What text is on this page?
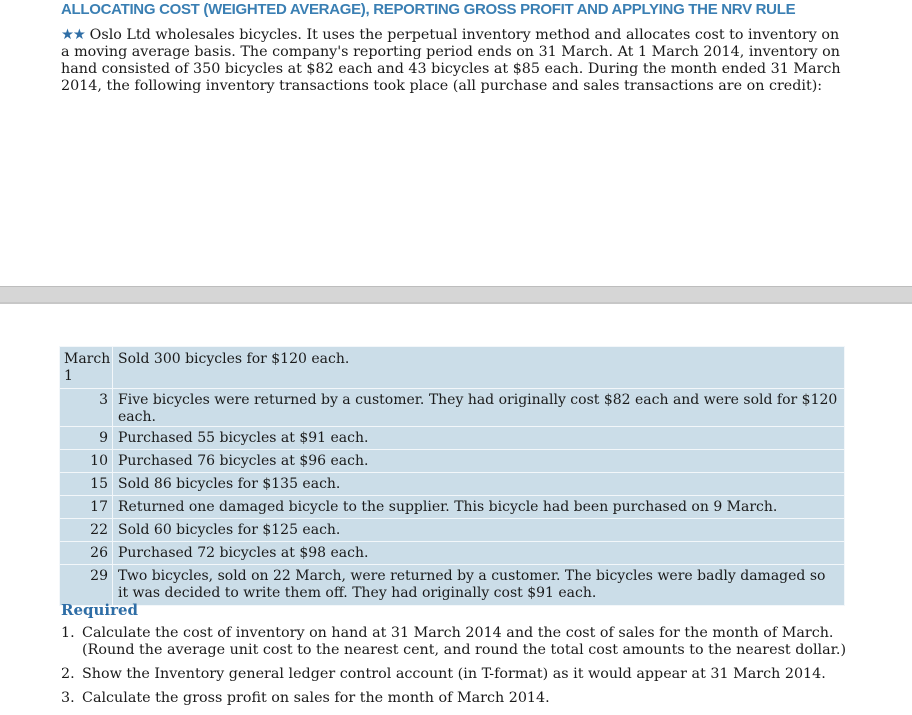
ALLOCATING COST (WEIGHTED AVERAGE), REPORTING GROSS PROFIT AND APPLYING THE NRV RULE
★★ Oslo Ltd wholesales bicycles. It uses the perpetual inventory method and allocates cost to inventory on a moving average basis. The company's reporting period ends on 31 March. At 1 March 2014, inventory on hand consisted of 350 bicycles at $82 each and 43 bicycles at $85 each. During the month ended 31 March 2014, the following inventory transactions took place (all purchase and sales transactions are on credit):
March 1	Sold 300 bicycles for $120 each.
3	Five bicycles were returned by a customer. They had originally cost $82 each and were sold for $120 each.
9	Purchased 55 bicycles at $91 each.
10	Purchased 76 bicycles at $96 each.
15	Sold 86 bicycles for $135 each.
17	Returned one damaged bicycle to the supplier. This bicycle had been purchased on 9 March.
22	Sold 60 bicycles for $125 each.
26	Purchased 72 bicycles at $98 each.
29	Two bicycles, sold on 22 March, were returned by a customer. The bicycles were badly damaged so it was decided to write them off. They had originally cost $91 each.
Required
1. Calculate the cost of inventory on hand at 31 March 2014 and the cost of sales for the month of March. (Round the average unit cost to the nearest cent, and round the total cost amounts to the nearest dollar.)
2. Show the Inventory general ledger control account (in T-format) as it would appear at 31 March 2014.
3. Calculate the gross profit on sales for the month of March 2014.
